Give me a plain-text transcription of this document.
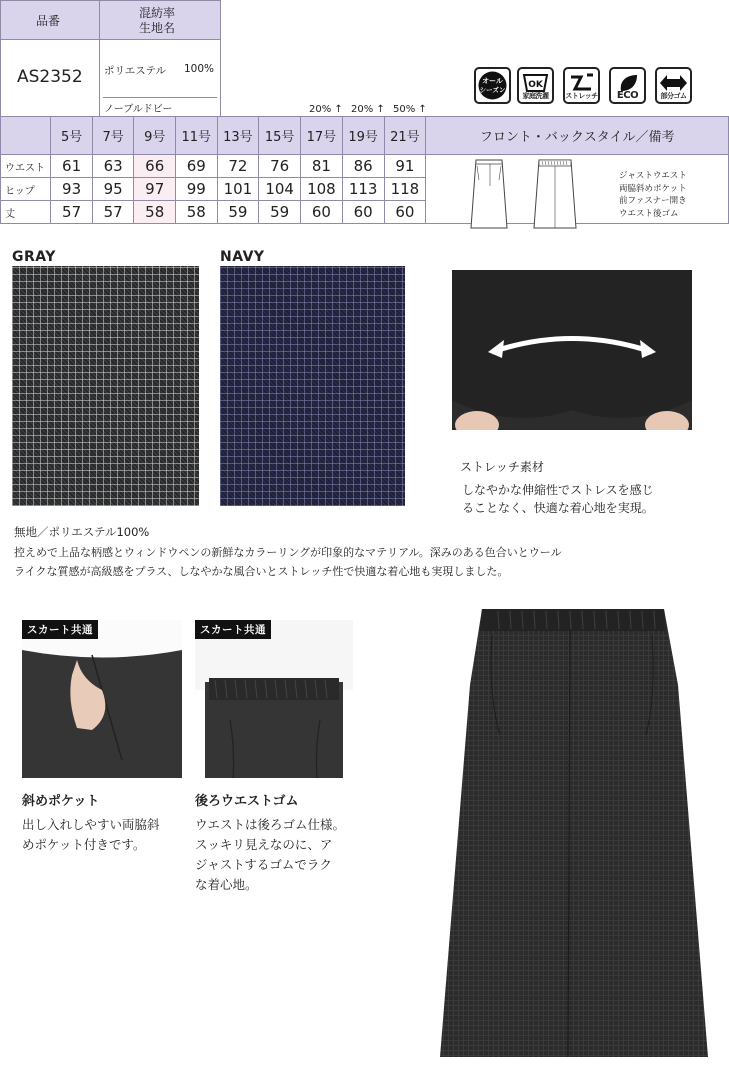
品番
混紡率
生地名
AS2352 ポリエステル 100%
ノーブルドビー	20% ↑ 20% ↑ 50% ↑
オール
シーズン	OK
家庭洗濯	ストレッチ	ECO	部分ゴム
	5号	7号	9号	11号	13号	15号	17号	19号	21号	フロント・バックスタイル／備考
ウエスト	61	63	66	69	72	76	81	86	91	
ヒップ	93	95	97	99	101	104	108	113	118	
丈	57	57	58	58	59	59	60	60	60	
ジャストウエスト
両脇斜めポケット
前ファスナー開き
ウエスト後ゴム
GRAY	NAVY
ストレッチ素材
しなやかな伸縮性でストレスを感じ
ることなく、快適な着心地を実現。
無地／ポリエステル100%
控えめで上品な柄感とウィンドウペンの新鮮なカラーリングが印象的なマテリアル。深みのある色合いとウール
ライクな質感が高級感をプラス、しなやかな風合いとストレッチ性で快適な着心地も実現しました。
スカート共通	スカート共通
斜めポケット
出し入れしやすい両脇斜
めポケット付きです。
後ろウエストゴム
ウエストは後ろゴム仕様。
スッキリ見えなのに、ア
ジャストするゴムでラク
な着心地。
